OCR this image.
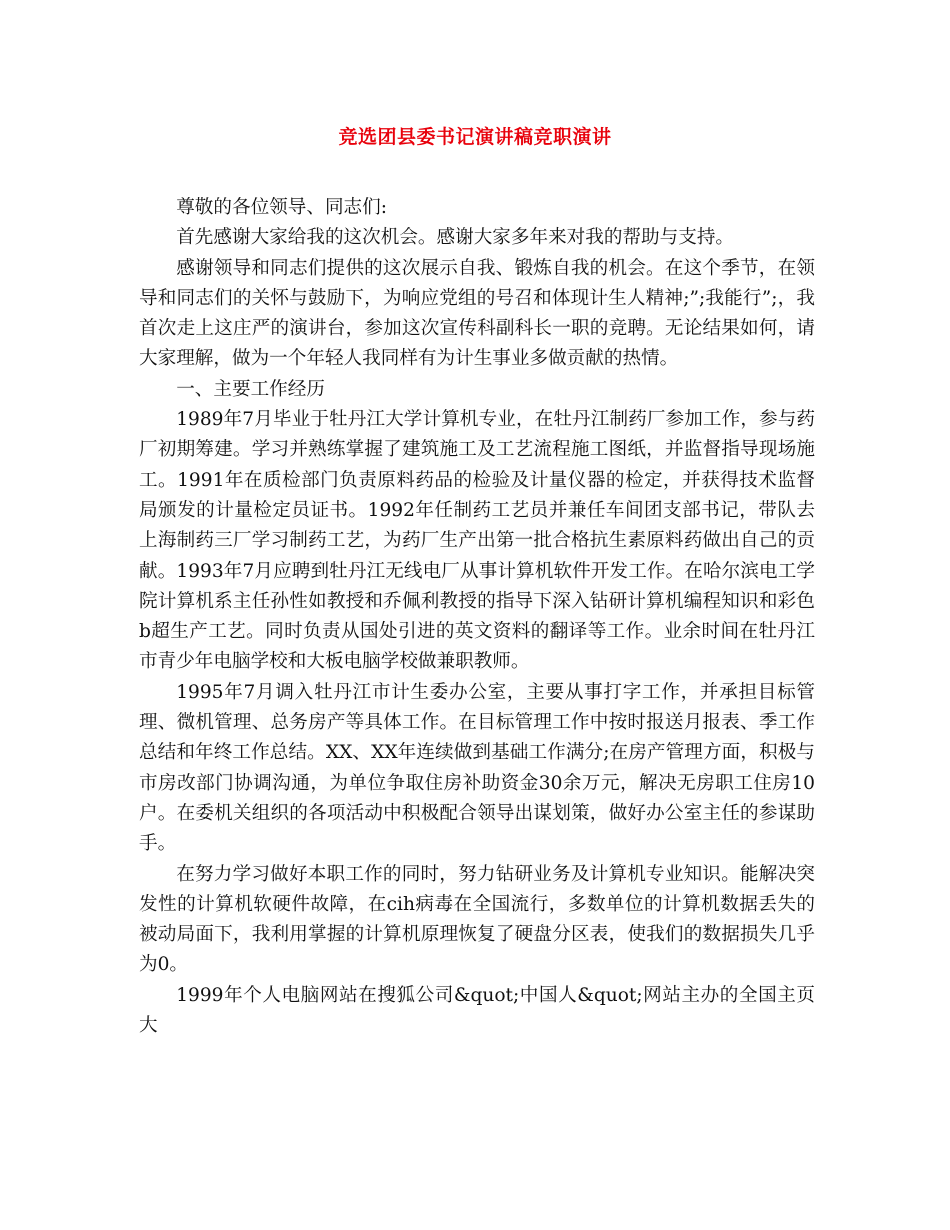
竞选团县委书记演讲稿竞职演讲

尊敬的各位领导、同志们:

首先感谢大家给我的这次机会。感谢大家多年来对我的帮助与支持。

感谢领导和同志们提供的这次展示自我、锻炼自我的机会。在这个季节，在领导和同志们的关怀与鼓励下，为响应党组的号召和体现计生人精神;”;我能行”;，我首次走上这庄严的演讲台，参加这次宣传科副科长一职的竞聘。无论结果如何，请大家理解，做为一个年轻人我同样有为计生事业多做贡献的热情。

一、主要工作经历

1989年7月毕业于牡丹江大学计算机专业，在牡丹江制药厂参加工作，参与药厂初期筹建。学习并熟练掌握了建筑施工及工艺流程施工图纸，并监督指导现场施工。1991年在质检部门负责原料药品的检验及计量仪器的检定，并获得技术监督局颁发的计量检定员证书。1992年任制药工艺员并兼任车间团支部书记，带队去上海制药三厂学习制药工艺，为药厂生产出第一批合格抗生素原料药做出自己的贡献。1993年7月应聘到牡丹江无线电厂从事计算机软件开发工作。在哈尔滨电工学院计算机系主任孙性如教授和乔佩利教授的指导下深入钻研计算机编程知识和彩色b超生产工艺。同时负责从国处引进的英文资料的翻译等工作。业余时间在牡丹江市青少年电脑学校和大板电脑学校做兼职教师。

1995年7月调入牡丹江市计生委办公室，主要从事打字工作，并承担目标管理、微机管理、总务房产等具体工作。在目标管理工作中按时报送月报表、季工作总结和年终工作总结。XX、XX年连续做到基础工作满分;在房产管理方面，积极与市房改部门协调沟通，为单位争取住房补助资金30余万元，解决无房职工住房10户。在委机关组织的各项活动中积极配合领导出谋划策，做好办公室主任的参谋助手。

在努力学习做好本职工作的同时，努力钻研业务及计算机专业知识。能解决突发性的计算机软硬件故障，在cih病毒在全国流行，多数单位的计算机数据丢失的被动局面下，我利用掌握的计算机原理恢复了硬盘分区表，使我们的数据损失几乎为0。

1999年个人电脑网站在搜狐公司&quot;中国人&quot;网站主办的全国主页大
